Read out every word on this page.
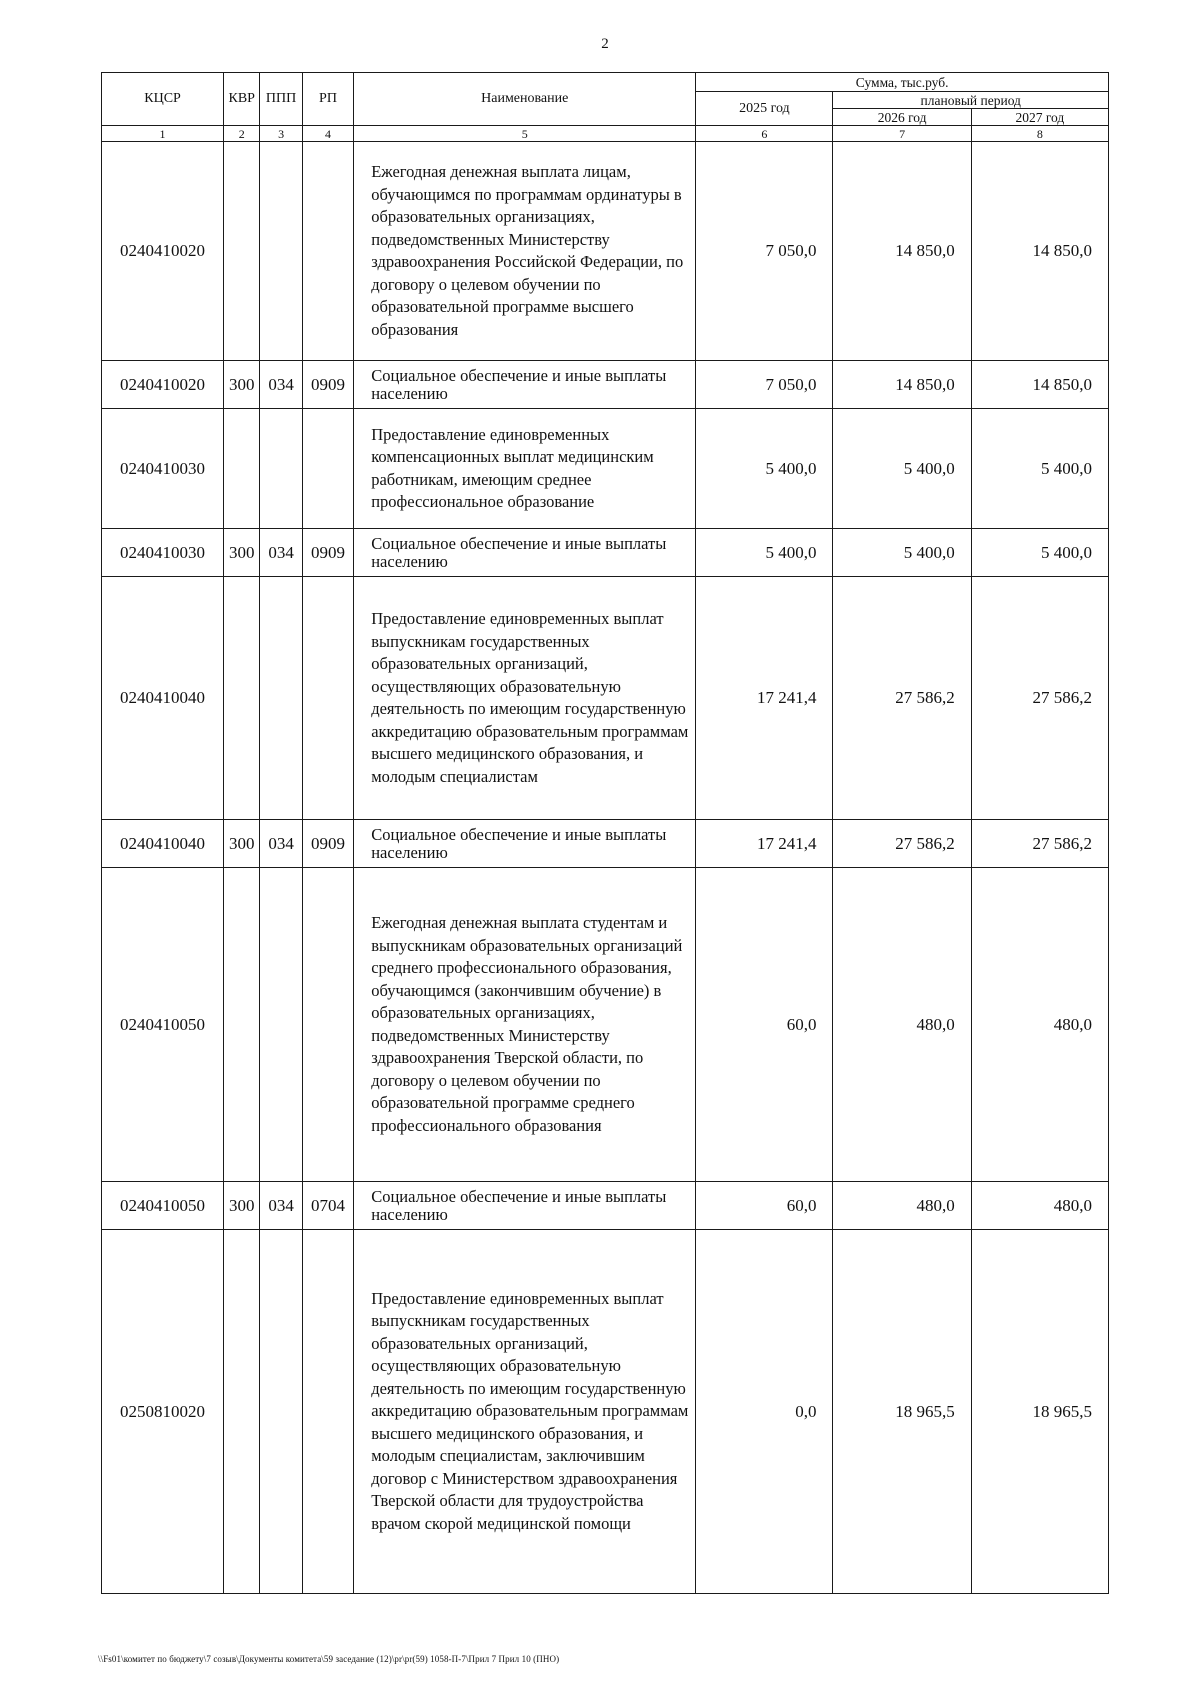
2
КЦСР	КВР	ППП	РП	Наименование	Сумма, тыс.руб.		
					2025 год	плановый период	
						2026 год	2027 год
1	2	3	4	5	6	7	8
0240410020				Ежегодная денежная выплата лицам, обучающимся по программам ординатуры в образовательных организациях, подведомственных Министерству здравоохранения Российской Федерации, по договору о целевом обучении по образовательной программе высшего образования	7 050,0	14 850,0	14 850,0
0240410020	300	034	0909	Социальное обеспечение и иные выплаты населению	7 050,0	14 850,0	14 850,0
0240410030				Предоставление единовременных компенсационных выплат медицинским работникам, имеющим среднее профессиональное образование	5 400,0	5 400,0	5 400,0
0240410030	300	034	0909	Социальное обеспечение и иные выплаты населению	5 400,0	5 400,0	5 400,0
0240410040				Предоставление единовременных выплат выпускникам государственных образовательных организаций, осуществляющих образовательную деятельность по имеющим государственную аккредитацию образовательным программам высшего медицинского образования, и молодым специалистам	17 241,4	27 586,2	27 586,2
0240410040	300	034	0909	Социальное обеспечение и иные выплаты населению	17 241,4	27 586,2	27 586,2
0240410050				Ежегодная денежная выплата студентам и выпускникам образовательных организаций среднего профессионального образования, обучающимся (закончившим обучение) в образовательных организациях, подведомственных Министерству здравоохранения Тверской области, по договору о целевом обучении по образовательной программе среднего профессионального образования	60,0	480,0	480,0
0240410050	300	034	0704	Социальное обеспечение и иные выплаты населению	60,0	480,0	480,0
0250810020				Предоставление единовременных выплат выпускникам государственных образовательных организаций, осуществляющих образовательную деятельность по имеющим государственную аккредитацию образовательным программам высшего медицинского образования, и молодым специалистам, заключившим договор с Министерством здравоохранения Тверской области для трудоустройства врачом скорой медицинской помощи	0,0	18 965,5	18 965,5
\\Fs01\комитет по бюджету\7 созыв\Документы комитета\59 заседание (12)\pr\pr(59) 1058-П-7\Прил 7 Прил 10 (ПНО)
